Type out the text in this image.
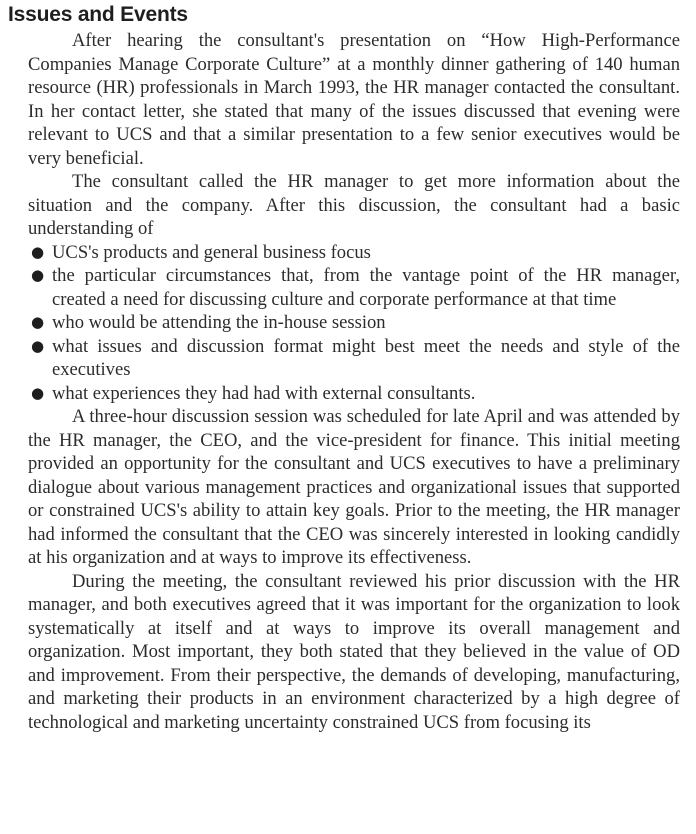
Issues and Events

After hearing the consultant's presentation on “How High-Performance Companies Manage Corporate Culture” at a monthly dinner gathering of 140 human resource (HR) professionals in March 1993, the HR manager contacted the consultant. In her contact letter, she stated that many of the issues discussed that evening were relevant to UCS and that a similar presentation to a few senior executives would be very beneficial.

The consultant called the HR manager to get more information about the situation and the company. After this discussion, the consultant had a basic understanding of

● UCS's products and general business focus
● the particular circumstances that, from the vantage point of the HR manager, created a need for discussing culture and corporate performance at that time
● who would be attending the in-house session
● what issues and discussion format might best meet the needs and style of the executives
● what experiences they had had with external consultants.

A three-hour discussion session was scheduled for late April and was attended by the HR manager, the CEO, and the vice-president for finance. This initial meeting provided an opportunity for the consultant and UCS executives to have a preliminary dialogue about various management practices and organizational issues that supported or constrained UCS's ability to attain key goals. Prior to the meeting, the HR manager had informed the consultant that the CEO was sincerely interested in looking candidly at his organization and at ways to improve its effectiveness.

During the meeting, the consultant reviewed his prior discussion with the HR manager, and both executives agreed that it was important for the organization to look systematically at itself and at ways to improve its overall management and organization. Most important, they both stated that they believed in the value of OD and improvement. From their perspective, the demands of developing, manufacturing, and marketing their products in an environment characterized by a high degree of technological and marketing uncertainty constrained UCS from focusing its
